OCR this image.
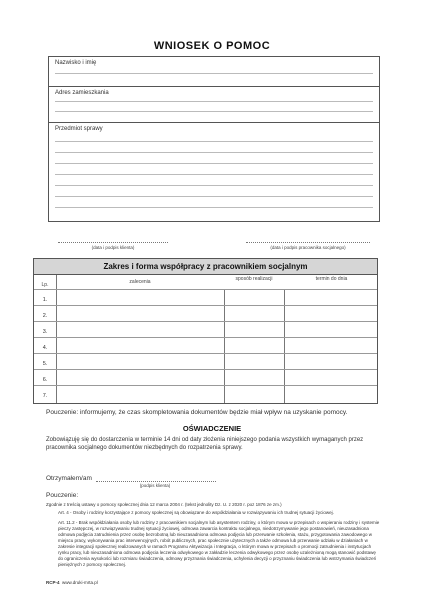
WNIOSEK O POMOC
Nazwisko i imię
Adres zamieszkania
Przedmiot sprawy
(data i podpis klienta)	(data i podpis pracownika socjalnego)
Zakres i forma współpracy z pracownikiem socjalnym
Lp.	zalecenia	sposób realizacji	termin do dnia
1.
2.
3.
4.
5.
6.
7.
Pouczenie: informujemy, że czas skompletowania dokumentów będzie miał wpływ na uzyskanie pomocy.
OŚWIADCZENIE
Zobowiązuję się do dostarczenia w terminie 14 dni od daty złożenia niniejszego podania wszystkich wymaganych przez pracownika socjalnego dokumentów niezbędnych do rozpatrzenia sprawy.
Otrzymałem/am
(podpis klienta)
Pouczenie:
Zgodnie z treścią ustawy o pomocy społecznej dnia 12 marca 2004 r. (tekst jednolity Dz. U. z 2020 r. poz 1876 ze zm.)
Art. 4 - Osoby i rodziny korzystające z pomocy społecznej są obowiązane do współdziałania w rozwiązywaniu ich trudnej sytuacji życiowej.
Art. 11.2 - Brak współdziałania osoby lub rodziny z pracownikiem socjalnym lub asystentem rodziny, o którym mowa w przepisach o wspieraniu rodziny i systemie pieczy zastępczej, w rozwiązywaniu trudnej sytuacji życiowej, odmowa zawarcia kontraktu socjalnego, niedotrzymywanie jego postanowień, nieuzasadniona odmowa podjęcia zatrudnienia przez osobę bezrobotną lub nieuzasadniona odmowa podjęcia lub przerwanie szkolenia, stażu, przygotowania zawodowego w miejscu pracy, wykonywania prac interwencyjnych, robót publicznych, prac społecznie użytecznych a także odmowa lub przerwanie udziału w działaniach w zakresie integracji społecznej realizowanych w ramach Programu Aktywizacja i Integracja, o którym mowa w przepisach o promocji zatrudnienia i instytucjach rynku pracy, lub nieuzasadniona odmowa podjęcia leczenia odwykowego w zakładzie leczenia odwykowego przez osobę uzależnioną mogą stanowić podstawę do ograniczenia wysokości lub rozmiaru świadczenia, odmowy przyznania świadczenia, uchylenia decyzji o przyznaniu świadczenia lub wstrzymania świadczeń pieniężnych z pomocy społecznej.
RCP-4 www.druki-mrta.pl
